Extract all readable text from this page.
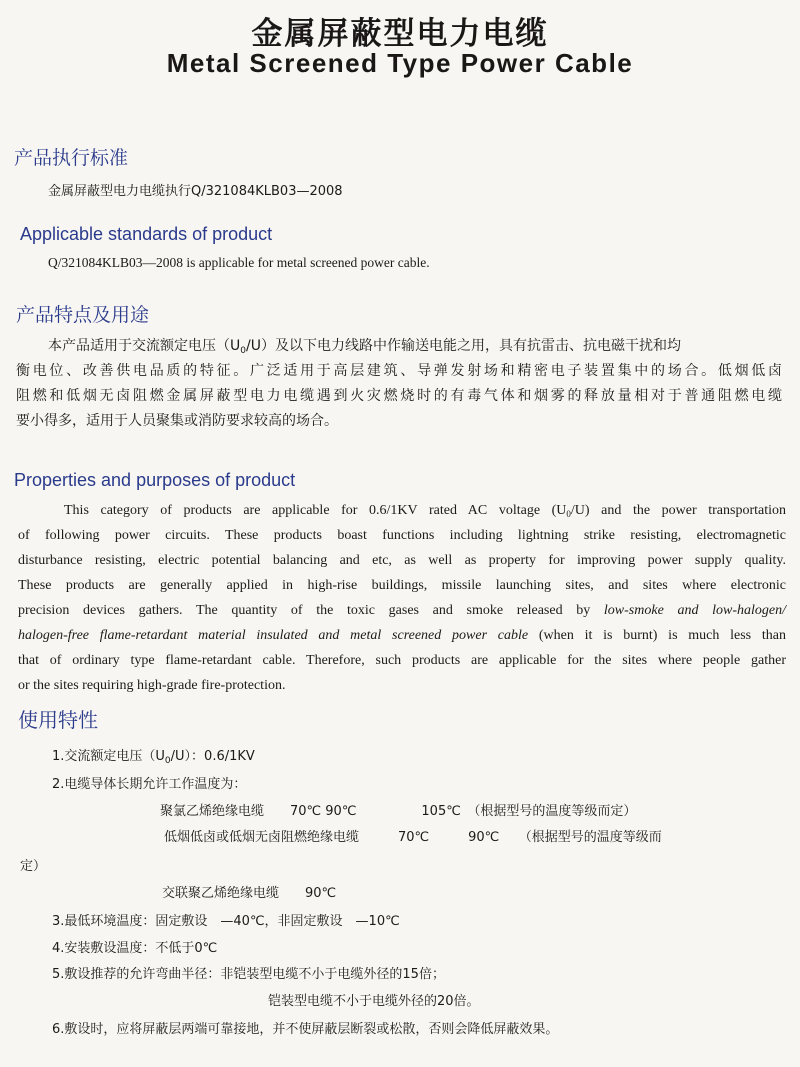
金属屏蔽型电力电缆
Metal Screened Type Power Cable
产品执行标准

金属屏蔽型电力电缆执行Q/321084KLB03—2008

Applicable standards of product

Q/321084KLB03—2008 is applicable for metal screened power cable.

产品特点及用途

本产品适用于交流额定电压$(U_0/U)$及以下电力线路中作输送电能之用，具有抗雷击、抗电磁干扰和均

衡电位、改善供电品质的特征。广泛适用于高层建筑、导弹发射场和精密电子装置集中的场合。低烟低卤

阻燃和低烟无卤阻燃金属屏蔽型电力电缆遇到火灾燃烧时的有毒气体和烟雾的释放量相对于普通阻燃电缆

要小得多，适用于人员聚集或消防要求较高的场合。

Properties and purposes of product

This category of products are applicable for 0.6/1KV rated AC voltage $(U_0/U)$ and the power transportation

of following power circuits. These products boast functions including lightning strike resisting, electromagnetic

disturbance resisting, electric potential balancing and etc, as well as property for improving power supply quality.

These products are generally applied in high-rise buildings, missile launching sites, and sites where electronic

precision devices gathers. The quantity of the toxic gases and smoke released by low-smoke and low-halogen/

halogen-free flame-retardant material insulated and metal screened power cable (when it is burnt) is much less than

that of ordinary type flame-retardant cable. Therefore, such products are applicable for the sites where people gather

or the sites requiring high-grade fire-protection.

使用特性

1.交流额定电压$(U_0/U)$：0.6/1KV

2.电缆导体长期允许工作温度为：

聚氯乙烯绝缘电缆　　70℃ 90℃　　　　　105℃　（根据型号的温度等级而定）

低烟低卤或低烟无卤阻燃绝缘电缆　　　70℃　　　90℃　　（根据型号的温度等级而

定）

交联聚乙烯绝缘电缆　　90℃

3.最低环境温度：固定敷设　—40℃，非固定敷设　—10℃

4.安装敷设温度：不低于0℃

5.敷设推荐的允许弯曲半径：非铠装型电缆不小于电缆外径的15倍；

铠装型电缆不小于电缆外径的20倍。

6.敷设时，应将屏蔽层两端可靠接地，并不使屏蔽层断裂或松散，否则会降低屏蔽效果。
